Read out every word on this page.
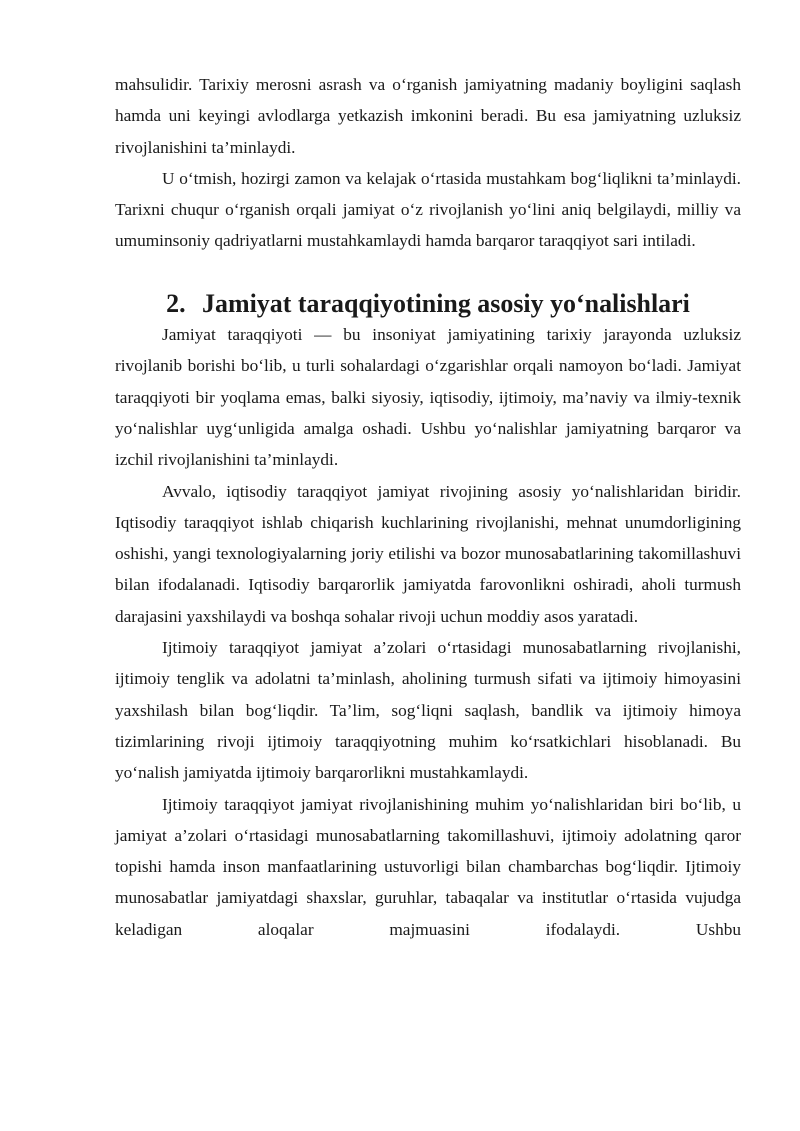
mahsulidir. Tarixiy merosni asrash va o‘rganish jamiyatning madaniy boyligini saqlash hamda uni keyingi avlodlarga yetkazish imkonini beradi. Bu esa jamiyatning uzluksiz rivojlanishini ta’minlaydi.

U o‘tmish, hozirgi zamon va kelajak o‘rtasida mustahkam bog‘liqlikni ta’minlaydi. Tarixni chuqur o‘rganish orqali jamiyat o‘z rivojlanish yo‘lini aniq belgilaydi, milliy va umuminsoniy qadriyatlarni mustahkamlaydi hamda barqaror taraqqiyot sari intiladi.

2. Jamiyat taraqqiyotining asosiy yo‘nalishlari

Jamiyat taraqqiyoti — bu insoniyat jamiyatining tarixiy jarayonda uzluksiz rivojlanib borishi bo‘lib, u turli sohalardagi o‘zgarishlar orqali namoyon bo‘ladi. Jamiyat taraqqiyoti bir yoqlama emas, balki siyosiy, iqtisodiy, ijtimoiy, ma’naviy va ilmiy-texnik yo‘nalishlar uyg‘unligida amalga oshadi. Ushbu yo‘nalishlar jamiyatning barqaror va izchil rivojlanishini ta’minlaydi.

Avvalo, iqtisodiy taraqqiyot jamiyat rivojining asosiy yo‘nalishlaridan biridir. Iqtisodiy taraqqiyot ishlab chiqarish kuchlarining rivojlanishi, mehnat unumdorligining oshishi, yangi texnologiyalarning joriy etilishi va bozor munosabatlarining takomillashuvi bilan ifodalanadi. Iqtisodiy barqarorlik jamiyatda farovonlikni oshiradi, aholi turmush darajasini yaxshilaydi va boshqa sohalar rivoji uchun moddiy asos yaratadi.

Ijtimoiy taraqqiyot jamiyat a’zolari o‘rtasidagi munosabatlarning rivojlanishi, ijtimoiy tenglik va adolatni ta’minlash, aholining turmush sifati va ijtimoiy himoyasini yaxshilash bilan bog‘liqdir. Ta’lim, sog‘liqni saqlash, bandlik va ijtimoiy himoya tizimlarining rivoji ijtimoiy taraqqiyotning muhim ko‘rsatkichlari hisoblanadi. Bu yo‘nalish jamiyatda ijtimoiy barqarorlikni mustahkamlaydi.

Ijtimoiy taraqqiyot jamiyat rivojlanishining muhim yo‘nalishlaridan biri bo‘lib, u jamiyat a’zolari o‘rtasidagi munosabatlarning takomillashuvi, ijtimoiy adolatning qaror topishi hamda inson manfaatlarining ustuvorligi bilan chambarchas bog‘liqdir. Ijtimoiy munosabatlar jamiyatdagi shaxslar, guruhlar, tabaqalar va institutlar o‘rtasida vujudga keladigan aloqalar majmuasini ifodalaydi. Ushbu
